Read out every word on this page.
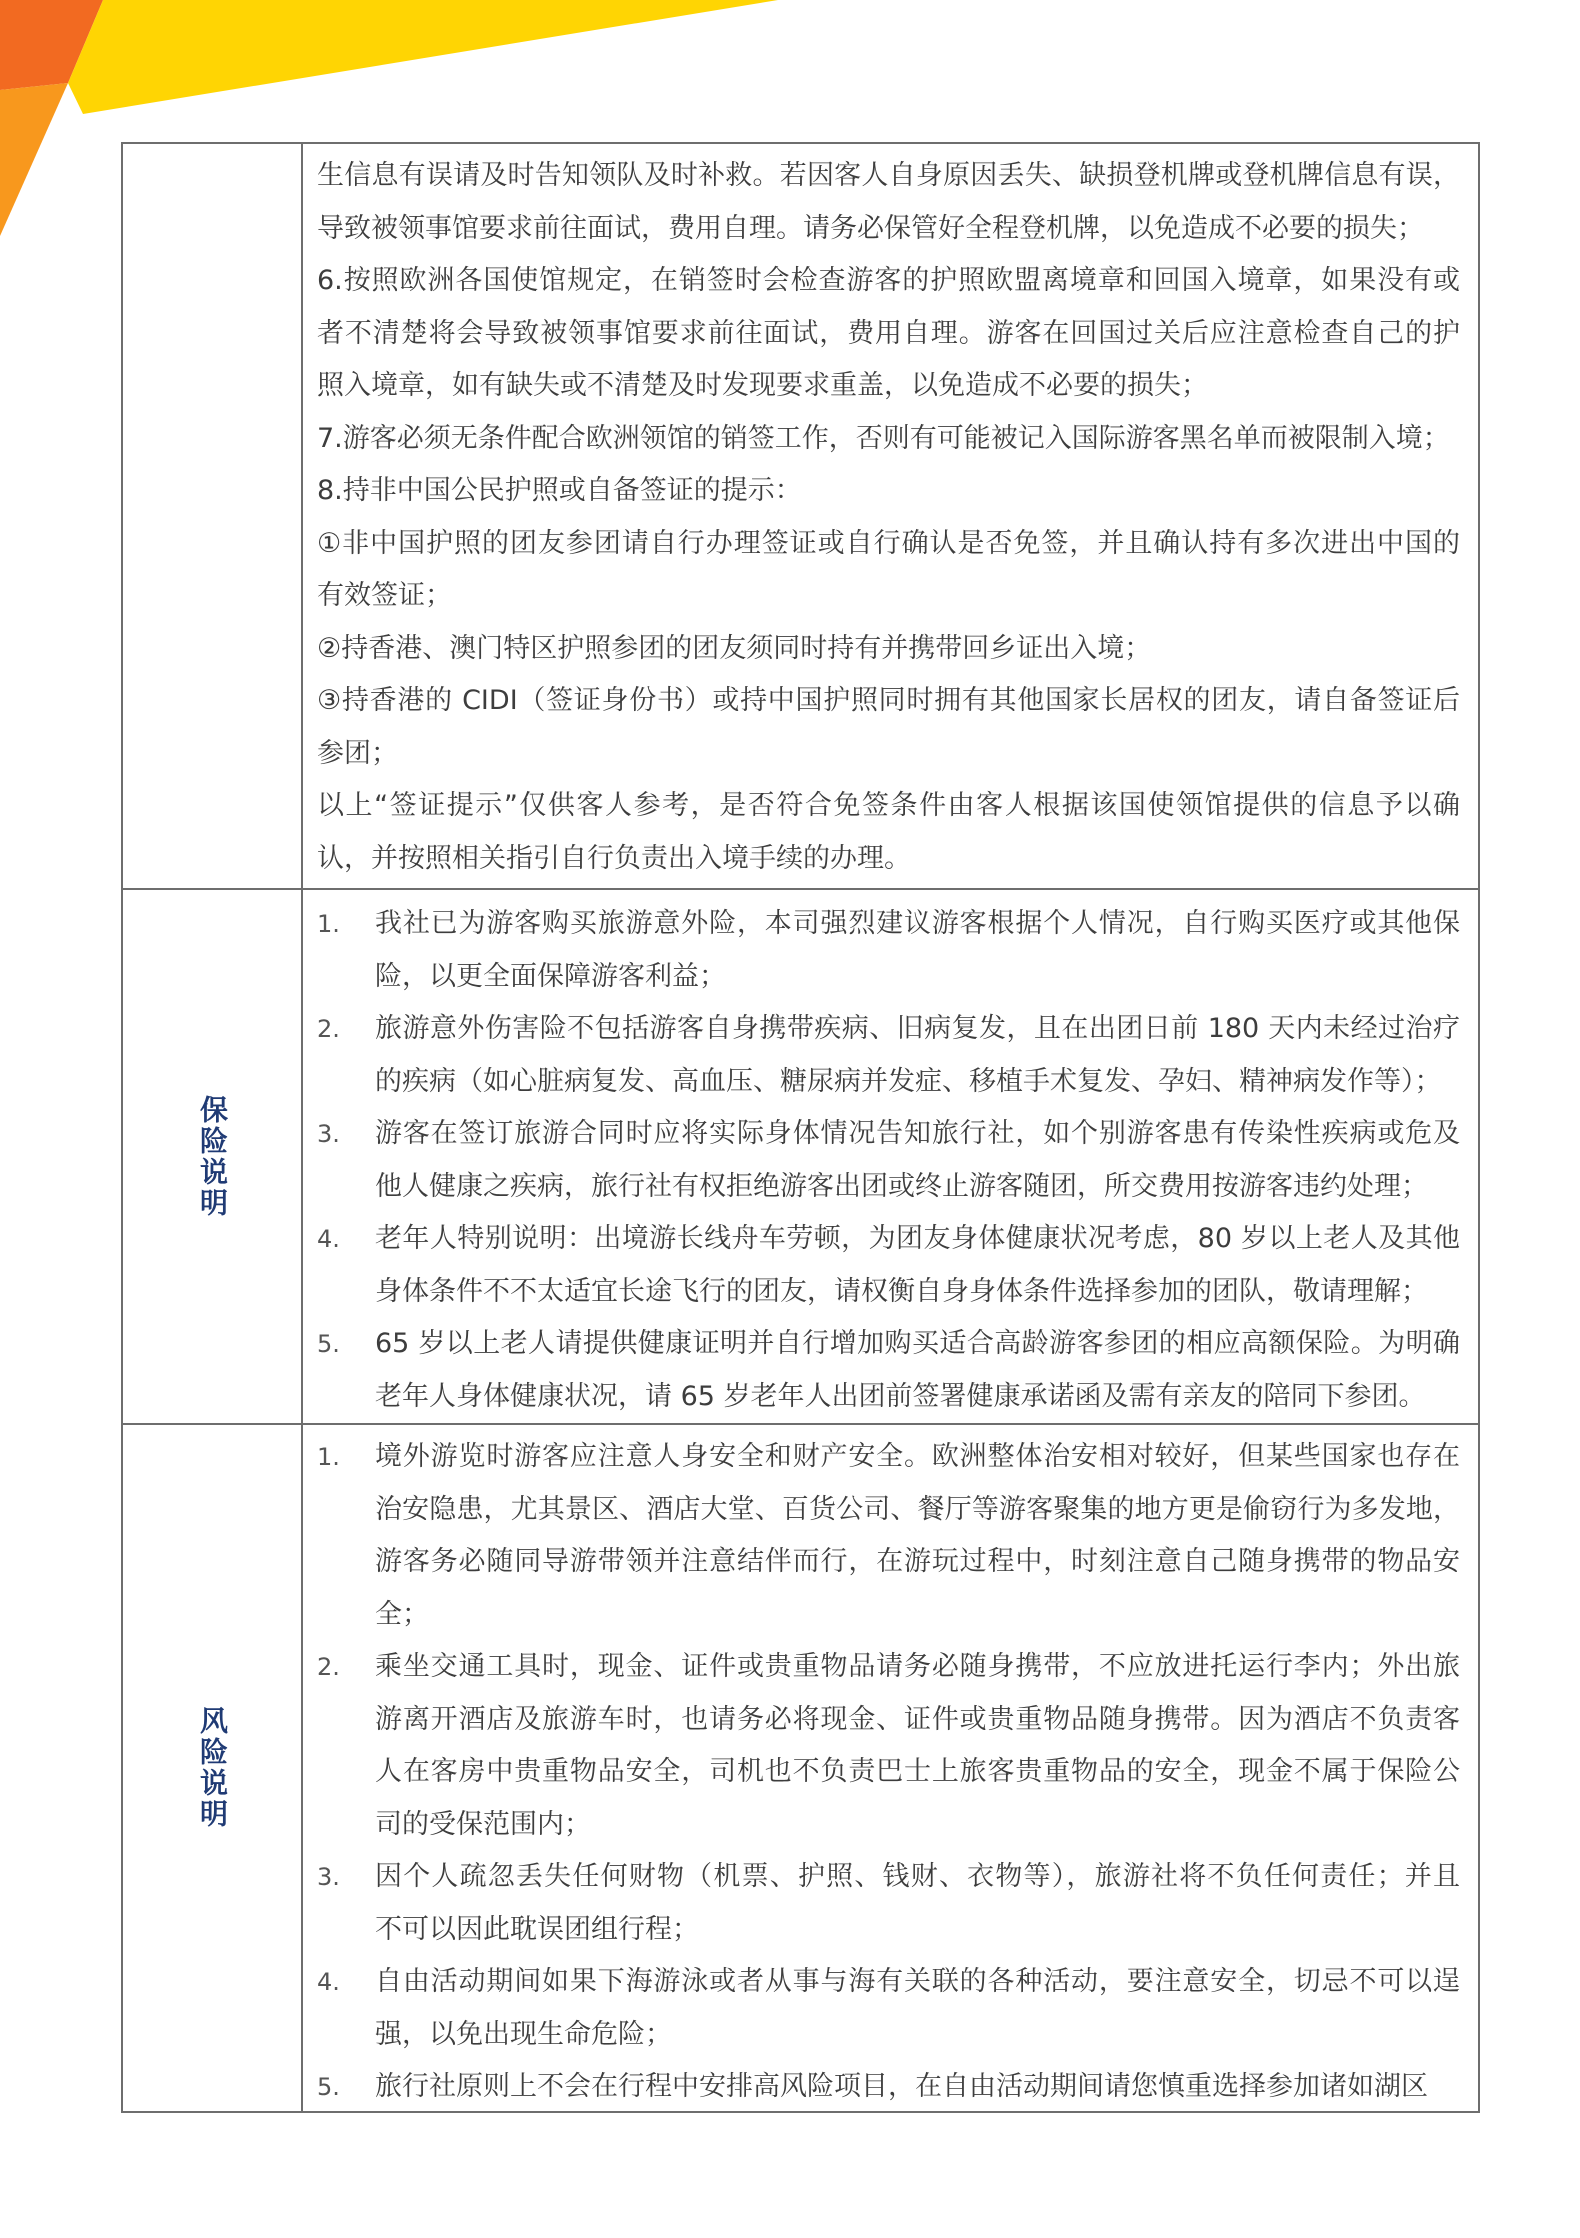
生信息有误请及时告知领队及时补救。若因客人自身原因丢失、缺损登机牌或登机牌信息有误，
导致被领事馆要求前往面试，费用自理。请务必保管好全程登机牌，以免造成不必要的损失；
6.按照欧洲各国使馆规定，在销签时会检查游客的护照欧盟离境章和回国入境章，如果没有或
者不清楚将会导致被领事馆要求前往面试，费用自理。游客在回国过关后应注意检查自己的护
照入境章，如有缺失或不清楚及时发现要求重盖，以免造成不必要的损失；
7.游客必须无条件配合欧洲领馆的销签工作，否则有可能被记入国际游客黑名单而被限制入境；
8.持非中国公民护照或自备签证的提示：
①非中国护照的团友参团请自行办理签证或自行确认是否免签，并且确认持有多次进出中国的
有效签证；
②持香港、澳门特区护照参团的团友须同时持有并携带回乡证出入境；
③持香港的 CIDI（签证身份书）或持中国护照同时拥有其他国家长居权的团友，请自备签证后
参团；
以上“签证提示”仅供客人参考，是否符合免签条件由客人根据该国使领馆提供的信息予以确
认，并按照相关指引自行负责出入境手续的办理。
保险说明
1.	我社已为游客购买旅游意外险，本司强烈建议游客根据个人情况，自行购买医疗或其他保
险，以更全面保障游客利益；
2.	旅游意外伤害险不包括游客自身携带疾病、旧病复发，且在出团日前 180 天内未经过治疗
的疾病（如心脏病复发、高血压、糖尿病并发症、移植手术复发、孕妇、精神病发作等）；
3.	游客在签订旅游合同时应将实际身体情况告知旅行社，如个别游客患有传染性疾病或危及
他人健康之疾病，旅行社有权拒绝游客出团或终止游客随团，所交费用按游客违约处理；
4.	老年人特别说明：出境游长线舟车劳顿，为团友身体健康状况考虑，80 岁以上老人及其他
身体条件不不太适宜长途飞行的团友，请权衡自身身体条件选择参加的团队，敬请理解；
5.	65 岁以上老人请提供健康证明并自行增加购买适合高龄游客参团的相应高额保险。为明确
老年人身体健康状况，请 65 岁老年人出团前签署健康承诺函及需有亲友的陪同下参团。
风险说明
1.	境外游览时游客应注意人身安全和财产安全。欧洲整体治安相对较好，但某些国家也存在
治安隐患，尤其景区、酒店大堂、百货公司、餐厅等游客聚集的地方更是偷窃行为多发地，
游客务必随同导游带领并注意结伴而行，在游玩过程中，时刻注意自己随身携带的物品安
全；
2.	乘坐交通工具时，现金、证件或贵重物品请务必随身携带，不应放进托运行李内；外出旅
游离开酒店及旅游车时，也请务必将现金、证件或贵重物品随身携带。因为酒店不负责客
人在客房中贵重物品安全，司机也不负责巴士上旅客贵重物品的安全，现金不属于保险公
司的受保范围内；
3.	因个人疏忽丢失任何财物（机票、护照、钱财、衣物等），旅游社将不负任何责任；并且
不可以因此耽误团组行程；
4.	自由活动期间如果下海游泳或者从事与海有关联的各种活动，要注意安全，切忌不可以逞
强，以免出现生命危险；
5.	旅行社原则上不会在行程中安排高风险项目，在自由活动期间请您慎重选择参加诸如湖区
